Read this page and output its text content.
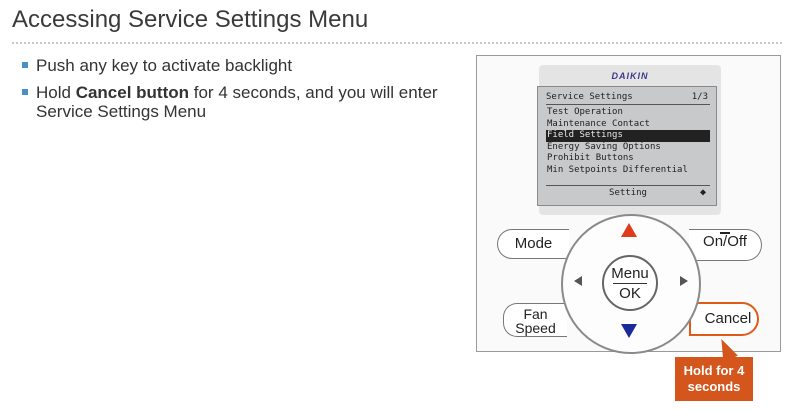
Accessing Service Settings Menu
Push any key to activate backlight
Hold Cancel button for 4 seconds, and you will enter Service Settings Menu
DAIKIN
Service Settings	1/3
Test Operation
Maintenance Contact
Field Settings
Energy Saving Options
Prohibit Buttons
Min Setpoints Differential
Setting	◆
Mode	On/Off
Fan
Speed
Cancel
Menu
OK
Hold for 4
seconds
